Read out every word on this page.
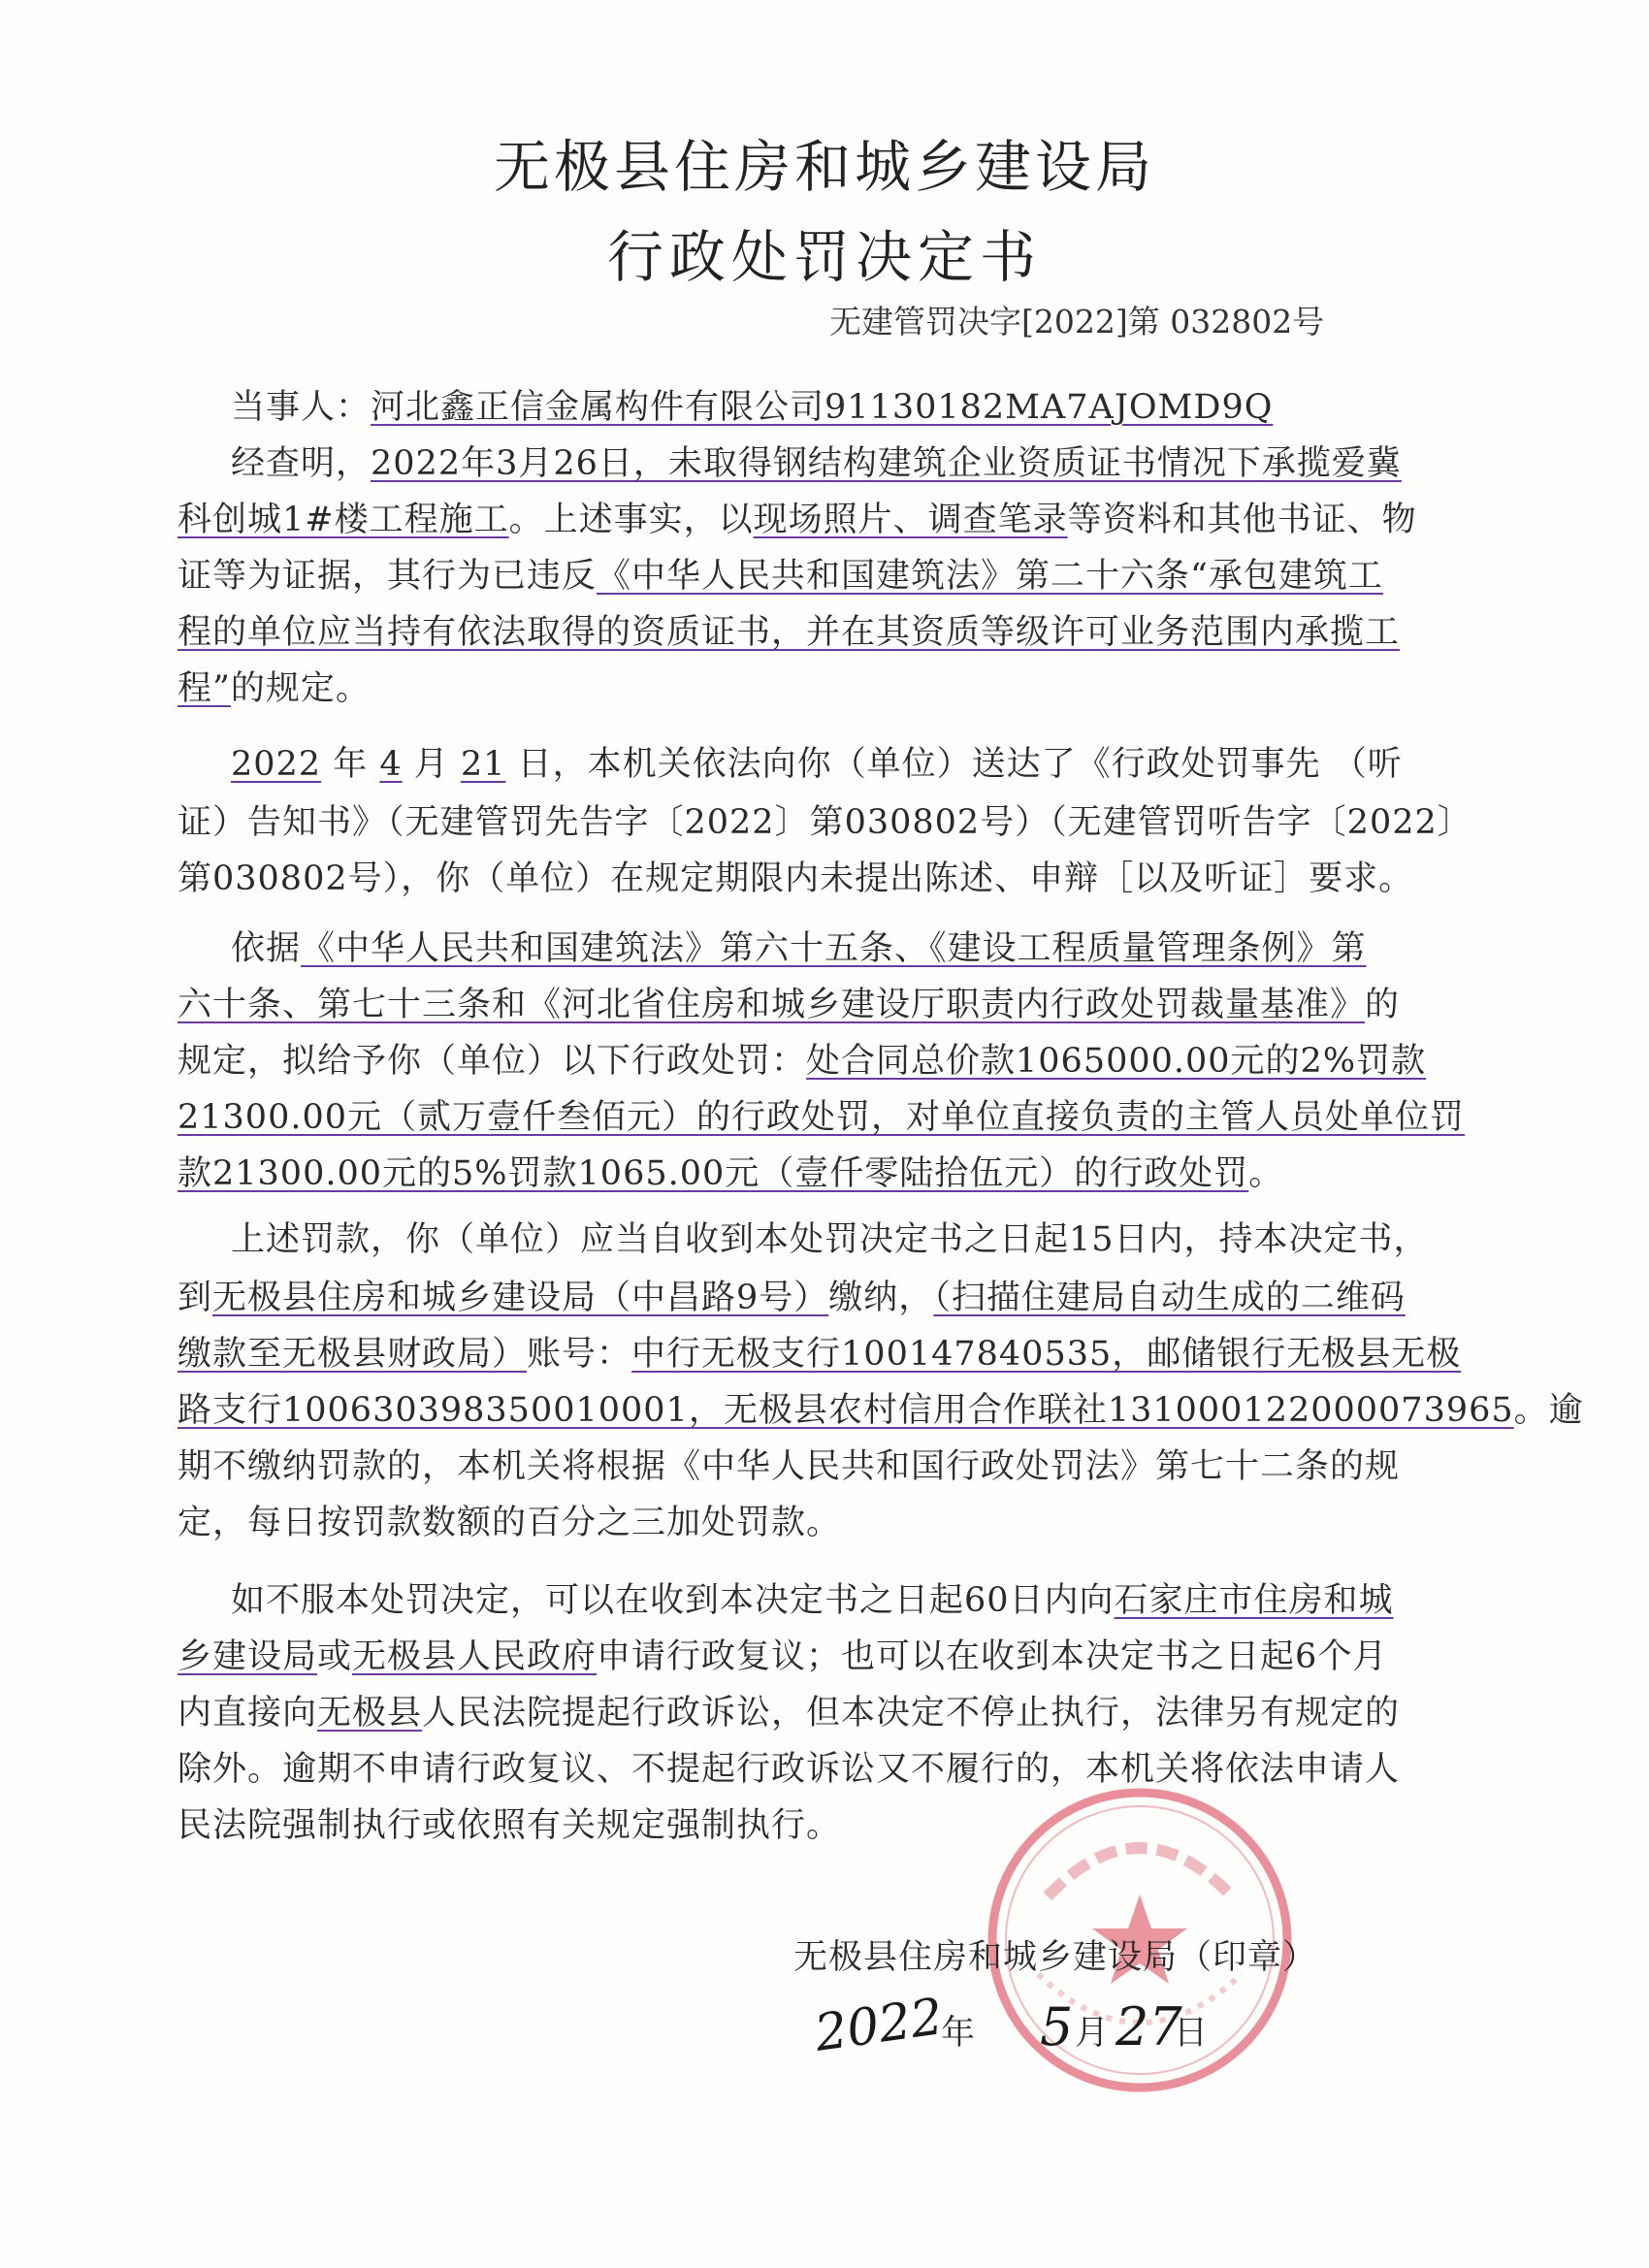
无极县住房和城乡建设局
行政处罚决定书
无建管罚决字[2022]第 032802号
当事人：河北鑫正信金属构件有限公司91130182MA7AJOMD9Q
经查明，2022年3月26日，未取得钢结构建筑企业资质证书情况下承揽爱冀
科创城1#楼工程施工。上述事实，以现场照片、调查笔录等资料和其他书证、物
证等为证据，其行为已违反《中华人民共和国建筑法》第二十六条“承包建筑工
程的单位应当持有依法取得的资质证书，并在其资质等级许可业务范围内承揽工
程”的规定。
2022 年 4 月 21 日，本机关依法向你（单位）送达了《行政处罚事先 （听
证）告知书》（无建管罚先告字〔2022〕第030802号）（无建管罚听告字〔2022〕
第030802号），你（单位）在规定期限内未提出陈述、申辩［以及听证］要求。
依据《中华人民共和国建筑法》第六十五条、《建设工程质量管理条例》第
六十条、第七十三条和《河北省住房和城乡建设厅职责内行政处罚裁量基准》的
规定，拟给予你（单位）以下行政处罚：处合同总价款1065000.00元的2%罚款
21300.00元（贰万壹仟叁佰元）的行政处罚，对单位直接负责的主管人员处单位罚
款21300.00元的5%罚款1065.00元（壹仟零陆拾伍元）的行政处罚。
上述罚款，你（单位）应当自收到本处罚决定书之日起15日内，持本决定书，
到无极县住房和城乡建设局（中昌路9号）缴纳，（扫描住建局自动生成的二维码
缴款至无极县财政局）账号：中行无极支行100147840535，邮储银行无极县无极
路支行100630398350010001，无极县农村信用合作联社131000122000073965。逾
期不缴纳罚款的，本机关将根据《中华人民共和国行政处罚法》第七十二条的规
定，每日按罚款数额的百分之三加处罚款。
如不服本处罚决定，可以在收到本决定书之日起60日内向石家庄市住房和城
乡建设局或无极县人民政府申请行政复议；也可以在收到本决定书之日起6个月
内直接向无极县人民法院提起行政诉讼，但本决定不停止执行，法律另有规定的
除外。逾期不申请行政复议、不提起行政诉讼又不履行的，本机关将依法申请人
民法院强制执行或依照有关规定强制执行。
无极县住房和城乡建设局（印章）
2022
年 5 月 27
日
